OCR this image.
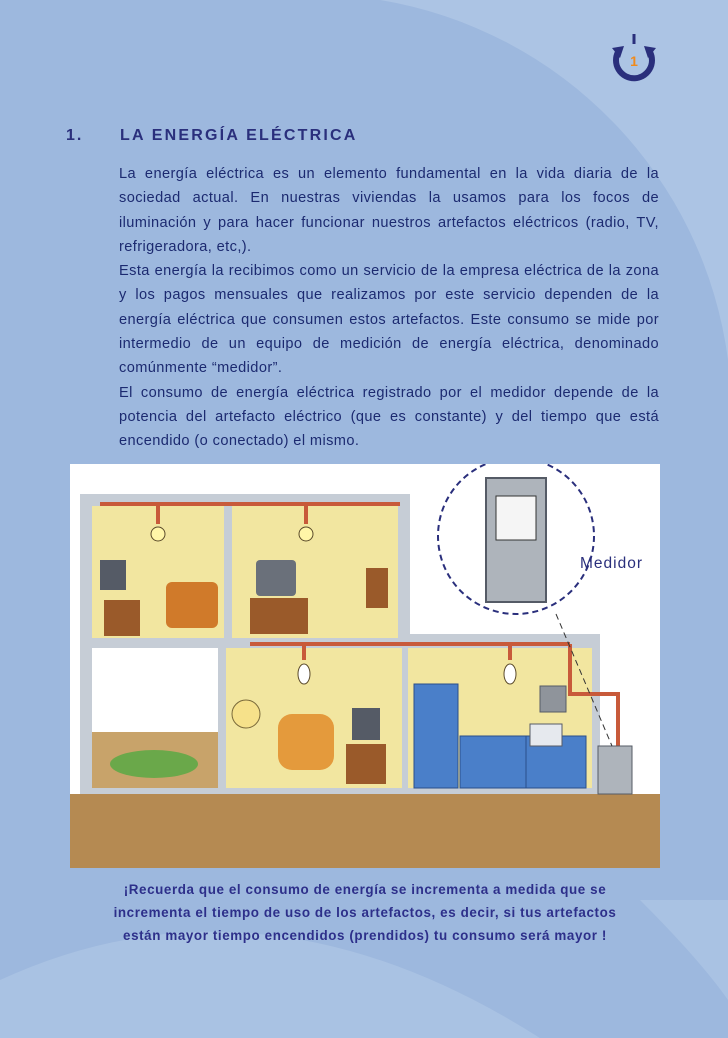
1
1. LA ENERGÍA ELÉCTRICA

La energía eléctrica es un elemento fundamental en la vida diaria de la sociedad actual. En nuestras viviendas la usamos para los focos de iluminación y para hacer funcionar nuestros artefactos eléctricos (radio, TV, refrigeradora, etc,).

Esta energía la recibimos como un servicio de la empresa eléctrica de la zona y los pagos mensuales que realizamos por este servicio dependen de la energía eléctrica que consumen estos artefactos. Este consumo se mide por intermedio de un equipo de medición de energía eléctrica, denominado comúnmente “medidor”.

El consumo de energía eléctrica registrado por el medidor depende de la potencia del artefacto eléctrico (que es constante) y del tiempo que está encendido (o conectado) el mismo.

Medidor
¡Recuerda que el consumo de energía se incrementa a medida que se
incrementa el tiempo de uso de los artefactos, es decir, si tus artefactos
están mayor tiempo encendidos (prendidos) tu consumo será mayor !
